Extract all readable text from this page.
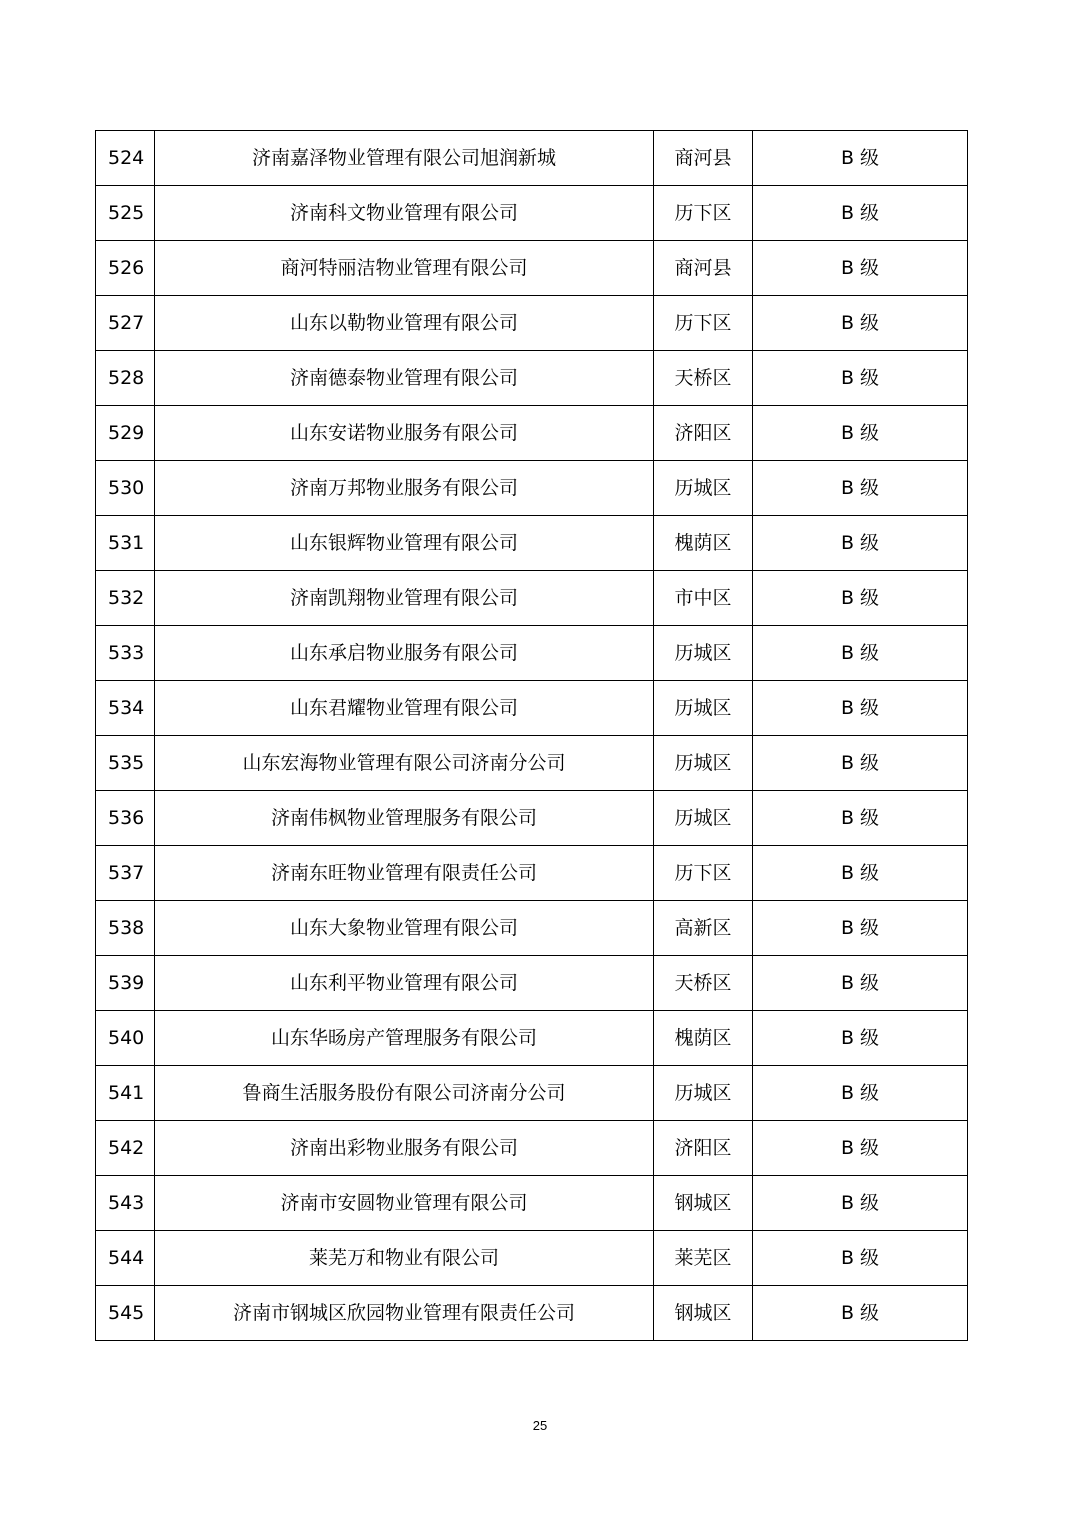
524	济南嘉泽物业管理有限公司旭润新城	商河县	B 级
525	济南科文物业管理有限公司	历下区	B 级
526	商河特丽洁物业管理有限公司	商河县	B 级
527	山东以勒物业管理有限公司	历下区	B 级
528	济南德泰物业管理有限公司	天桥区	B 级
529	山东安诺物业服务有限公司	济阳区	B 级
530	济南万邦物业服务有限公司	历城区	B 级
531	山东银辉物业管理有限公司	槐荫区	B 级
532	济南凯翔物业管理有限公司	市中区	B 级
533	山东承启物业服务有限公司	历城区	B 级
534	山东君耀物业管理有限公司	历城区	B 级
535	山东宏海物业管理有限公司济南分公司	历城区	B 级
536	济南伟枫物业管理服务有限公司	历城区	B 级
537	济南东旺物业管理有限责任公司	历下区	B 级
538	山东大象物业管理有限公司	高新区	B 级
539	山东利平物业管理有限公司	天桥区	B 级
540	山东华旸房产管理服务有限公司	槐荫区	B 级
541	鲁商生活服务股份有限公司济南分公司	历城区	B 级
542	济南出彩物业服务有限公司	济阳区	B 级
543	济南市安圆物业管理有限公司	钢城区	B 级
544	莱芜万和物业有限公司	莱芜区	B 级
545	济南市钢城区欣园物业管理有限责任公司	钢城区	B 级
25
